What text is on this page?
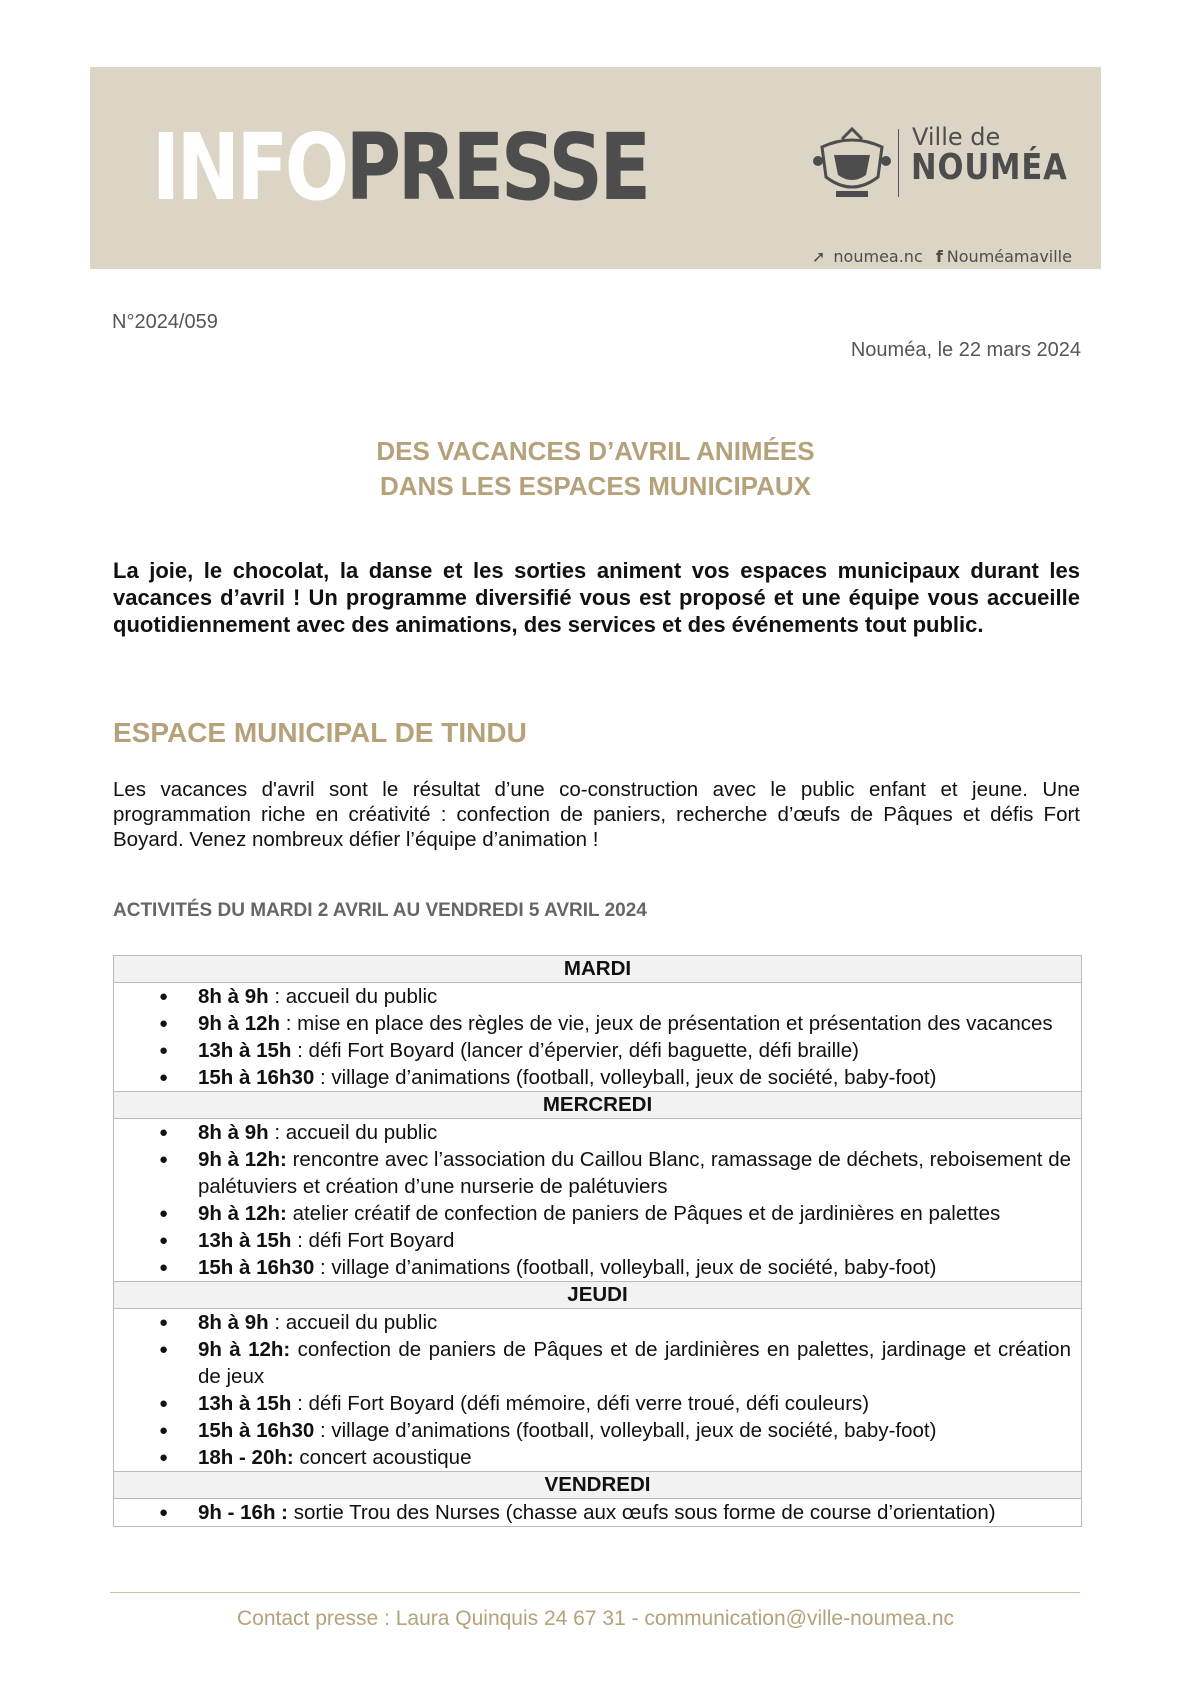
INFOPRESSE	Ville de
NOUMÉA
➚ noumea.nc f Nouméamaville
N°2024/059
Nouméa, le 22 mars 2024
DES VACANCES D’AVRIL ANIMÉES
DANS LES ESPACES MUNICIPAUX
La joie, le chocolat, la danse et les sorties animent vos espaces municipaux durant les vacances d’avril ! Un programme diversifié vous est proposé et une équipe vous accueille quotidiennement avec des animations, des services et des événements tout public.
ESPACE MUNICIPAL DE TINDU
Les vacances d'avril sont le résultat d’une co-construction avec le public enfant et jeune. Une programmation riche en créativité : confection de paniers, recherche d’œufs de Pâques et défis Fort Boyard. Venez nombreux défier l’équipe d’animation !
ACTIVITÉS DU MARDI 2 AVRIL AU VENDREDI 5 AVRIL 2024
MARDI

● 8h à 9h : accueil du public
● 9h à 12h : mise en place des règles de vie, jeux de présentation et présentation des vacances
● 13h à 15h : défi Fort Boyard (lancer d’épervier, défi baguette, défi braille)
● 15h à 16h30 : village d’animations (football, volleyball, jeux de société, baby-foot)

MERCREDI

● 8h à 9h : accueil du public
● 9h à 12h: rencontre avec l’association du Caillou Blanc, ramassage de déchets, reboisement de palétuviers et création d’une nurserie de palétuviers
● 9h à 12h: atelier créatif de confection de paniers de Pâques et de jardinières en palettes
● 13h à 15h : défi Fort Boyard
● 15h à 16h30 : village d’animations (football, volleyball, jeux de société, baby-foot)

JEUDI

● 8h à 9h : accueil du public
● 9h à 12h: confection de paniers de Pâques et de jardinières en palettes, jardinage et création de jeux
● 13h à 15h : défi Fort Boyard (défi mémoire, défi verre troué, défi couleurs)
● 15h à 16h30 : village d’animations (football, volleyball, jeux de société, baby-foot)
● 18h - 20h: concert acoustique

VENDREDI

● 9h - 16h : sortie Trou des Nurses (chasse aux œufs sous forme de course d’orientation)
Contact presse : Laura Quinquis 24 67 31 - communication@ville-noumea.nc
